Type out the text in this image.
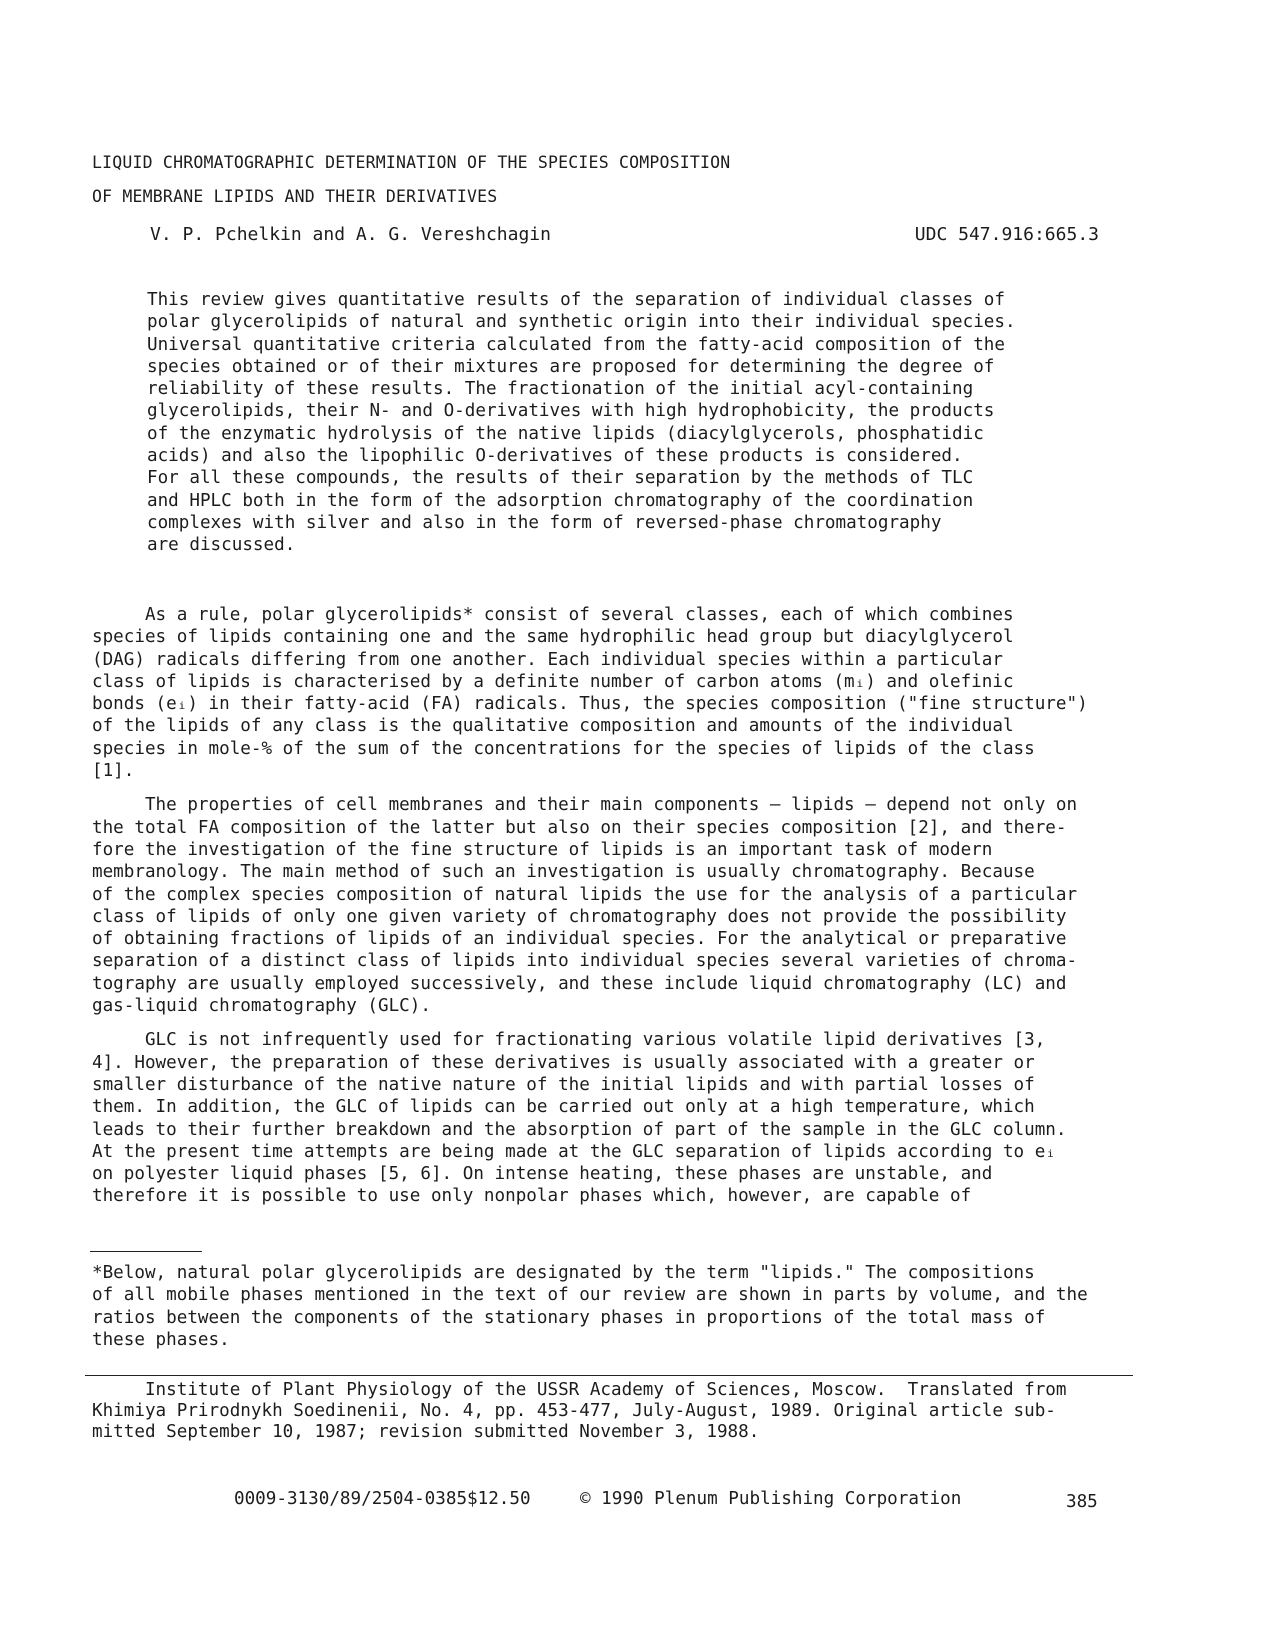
LIQUID CHROMATOGRAPHIC DETERMINATION OF THE SPECIES COMPOSITION
OF MEMBRANE LIPIDS AND THEIR DERIVATIVES
V. P. Pchelkin and A. G. Vereshchagin	UDC 547.916:665.3
This review gives quantitative results of the separation of individual classes of
polar glycerolipids of natural and synthetic origin into their individual species.
Universal quantitative criteria calculated from the fatty-acid composition of the
species obtained or of their mixtures are proposed for determining the degree of
reliability of these results. The fractionation of the initial acyl-containing
glycerolipids, their N- and O-derivatives with high hydrophobicity, the products
of the enzymatic hydrolysis of the native lipids (diacylglycerols, phosphatidic
acids) and also the lipophilic O-derivatives of these products is considered.
For all these compounds, the results of their separation by the methods of TLC
and HPLC both in the form of the adsorption chromatography of the coordination
complexes with silver and also in the form of reversed-phase chromatography
are discussed.
As a rule, polar glycerolipids* consist of several classes, each of which combines
species of lipids containing one and the same hydrophilic head group but diacylglycerol
(DAG) radicals differing from one another. Each individual species within a particular
class of lipids is characterised by a definite number of carbon atoms (mᵢ) and olefinic
bonds (eᵢ) in their fatty-acid (FA) radicals. Thus, the species composition ("fine structure")
of the lipids of any class is the qualitative composition and amounts of the individual
species in mole-% of the sum of the concentrations for the species of lipids of the class
[1].
The properties of cell membranes and their main components — lipids — depend not only on
the total FA composition of the latter but also on their species composition [2], and there-
fore the investigation of the fine structure of lipids is an important task of modern
membranology. The main method of such an investigation is usually chromatography. Because
of the complex species composition of natural lipids the use for the analysis of a particular
class of lipids of only one given variety of chromatography does not provide the possibility
of obtaining fractions of lipids of an individual species. For the analytical or preparative
separation of a distinct class of lipids into individual species several varieties of chroma-
tography are usually employed successively, and these include liquid chromatography (LC) and
gas-liquid chromatography (GLC).
GLC is not infrequently used for fractionating various volatile lipid derivatives [3,
4]. However, the preparation of these derivatives is usually associated with a greater or
smaller disturbance of the native nature of the initial lipids and with partial losses of
them. In addition, the GLC of lipids can be carried out only at a high temperature, which
leads to their further breakdown and the absorption of part of the sample in the GLC column.
At the present time attempts are being made at the GLC separation of lipids according to eᵢ
on polyester liquid phases [5, 6]. On intense heating, these phases are unstable, and
therefore it is possible to use only nonpolar phases which, however, are capable of
*Below, natural polar glycerolipids are designated by the term "lipids." The compositions
of all mobile phases mentioned in the text of our review are shown in parts by volume, and the
ratios between the components of the stationary phases in proportions of the total mass of
these phases.
Institute of Plant Physiology of the USSR Academy of Sciences, Moscow.  Translated from
Khimiya Prirodnykh Soedinenii, No. 4, pp. 453-477, July-August, 1989. Original article sub-
mitted September 10, 1987; revision submitted November 3, 1988.
0009-3130/89/2504-0385$12.50	© 1990 Plenum Publishing Corporation	385
